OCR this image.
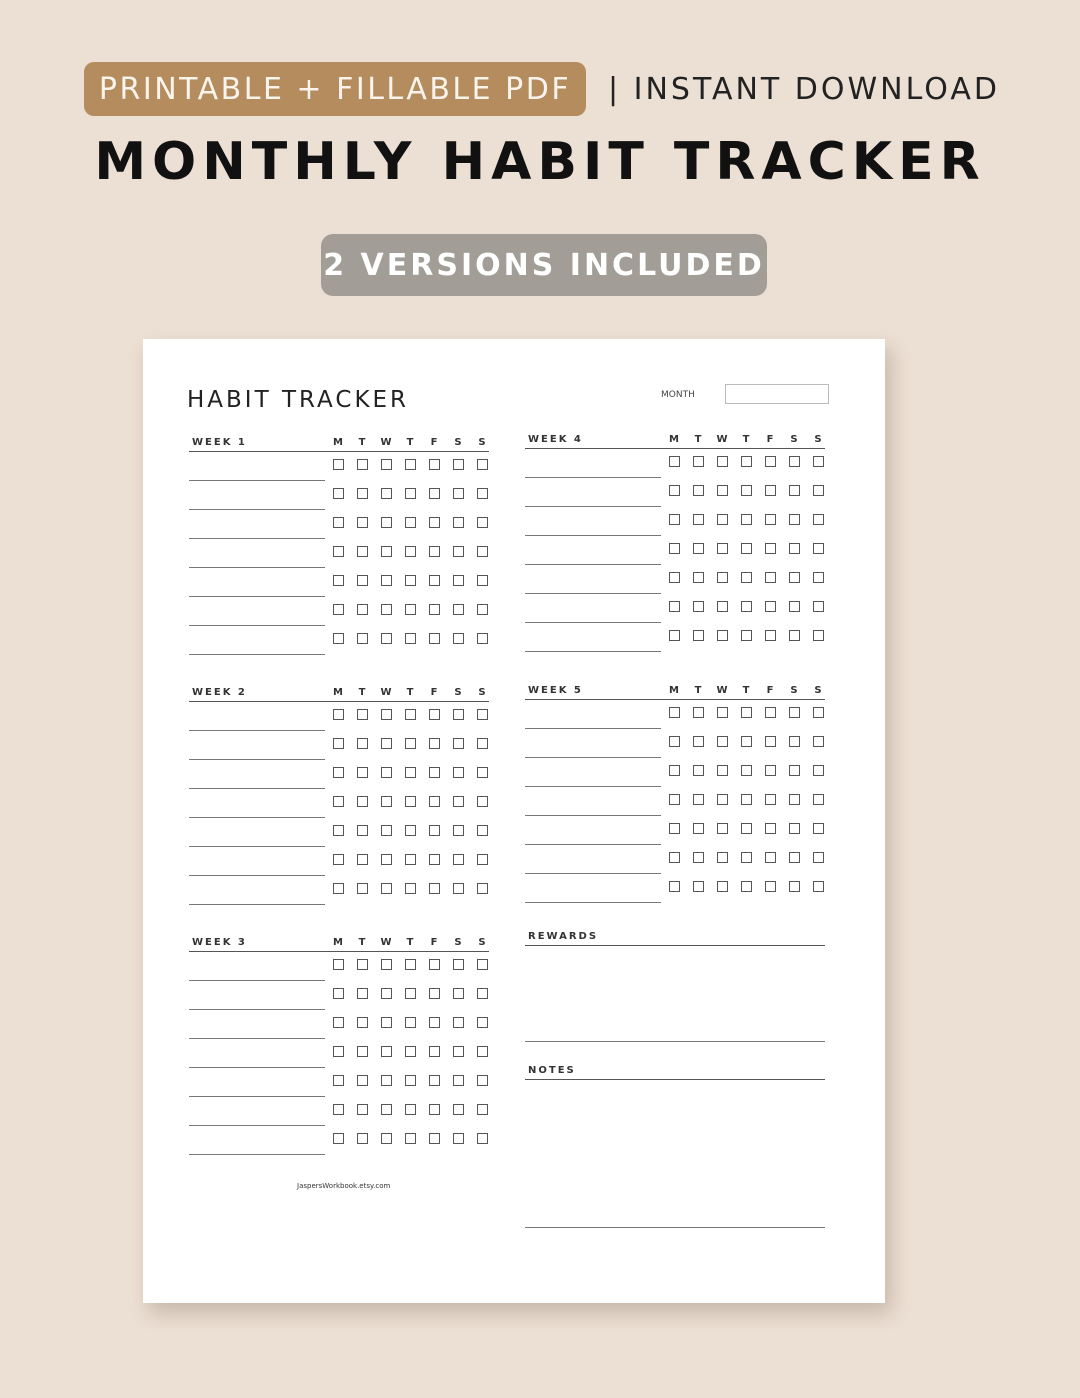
PRINTABLE + FILLABLE PDF	| INSTANT DOWNLOAD
MONTHLY HABIT TRACKER
2 VERSIONS INCLUDED
HABIT TRACKER	MONTH
WEEK 1	M	T	W	T	F	S	S
WEEK 2	M	T	W	T	F	S	S
WEEK 3	M	T	W	T	F	S	S
WEEK 4	M	T	W	T	F	S	S
WEEK 5	M	T	W	T	F	S	S
REWARDS
NOTES
JaspersWorkbook.etsy.com
